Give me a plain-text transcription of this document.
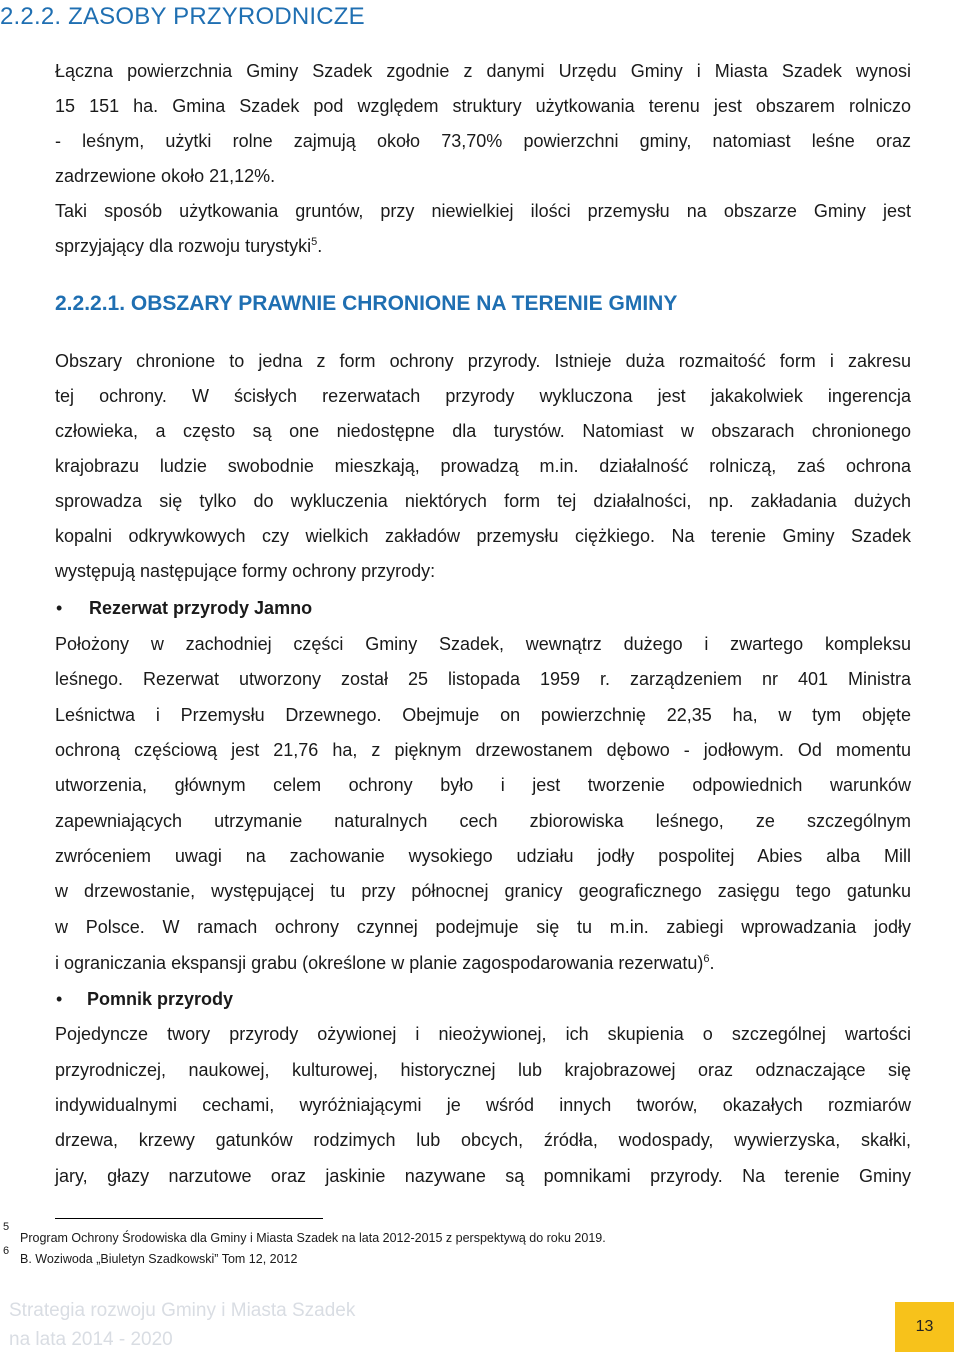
2.2.2. ZASOBY PRZYRODNICZE
Łączna powierzchnia Gminy Szadek zgodnie z danymi Urzędu Gminy i Miasta Szadek wynosi
15 151 ha. Gmina Szadek pod względem struktury użytkowania terenu jest obszarem rolniczo
- leśnym, użytki rolne zajmują około 73,70% powierzchni gminy, natomiast leśne oraz
zadrzewione około 21,12%.
Taki sposób użytkowania gruntów, przy niewielkiej ilości przemysłu na obszarze Gminy jest
sprzyjający dla rozwoju turystyki$^5$.
2.2.2.1. OBSZARY PRAWNIE CHRONIONE NA TERENIE GMINY
Obszary chronione to jedna z form ochrony przyrody. Istnieje duża rozmaitość form i zakresu
tej ochrony. W ścisłych rezerwatach przyrody wykluczona jest jakakolwiek ingerencja
człowieka, a często są one niedostępne dla turystów. Natomiast w obszarach chronionego
krajobrazu ludzie swobodnie mieszkają, prowadzą m.in. działalność rolniczą, zaś ochrona
sprowadza się tylko do wykluczenia niektórych form tej działalności, np. zakładania dużych
kopalni odkrywkowych czy wielkich zakładów przemysłu ciężkiego. Na terenie Gminy Szadek
występują następujące formy ochrony przyrody:
• Rezerwat przyrody Jamno
Położony w zachodniej części Gminy Szadek, wewnątrz dużego i zwartego kompleksu
leśnego. Rezerwat utworzony został 25 listopada 1959 r. zarządzeniem nr 401 Ministra
Leśnictwa i Przemysłu Drzewnego. Obejmuje on powierzchnię 22,35 ha, w tym objęte
ochroną częściową jest 21,76 ha, z pięknym drzewostanem dębowo - jodłowym. Od momentu
utworzenia, głównym celem ochrony było i jest tworzenie odpowiednich warunków
zapewniających utrzymanie naturalnych cech zbiorowiska leśnego, ze szczególnym
zwróceniem uwagi na zachowanie wysokiego udziału jodły pospolitej Abies alba Mill
w drzewostanie, występującej tu przy północnej granicy geograficznego zasięgu tego gatunku
w Polsce. W ramach ochrony czynnej podejmuje się tu m.in. zabiegi wprowadzania jodły
i ograniczania ekspansji grabu (określone w planie zagospodarowania rezerwatu)$^6$.
• Pomnik przyrody
Pojedyncze twory przyrody ożywionej i nieożywionej, ich skupienia o szczególnej wartości
przyrodniczej, naukowej, kulturowej, historycznej lub krajobrazowej oraz odznaczające się
indywidualnymi cechami, wyróżniającymi je wśród innych tworów, okazałych rozmiarów
drzewa, krzewy gatunków rodzimych lub obcych, źródła, wodospady, wywierzyska, skałki,
jary, głazy narzutowe oraz jaskinie nazywane są pomnikami przyrody. Na terenie Gminy
5
Program Ochrony Środowiska dla Gminy i Miasta Szadek na lata 2012-2015 z perspektywą do roku 2019.
6
B. Woziwoda „Biuletyn Szadkowski” Tom 12, 2012
Strategia rozwoju Gminy i Miasta Szadek
na lata 2014 - 2020
13
